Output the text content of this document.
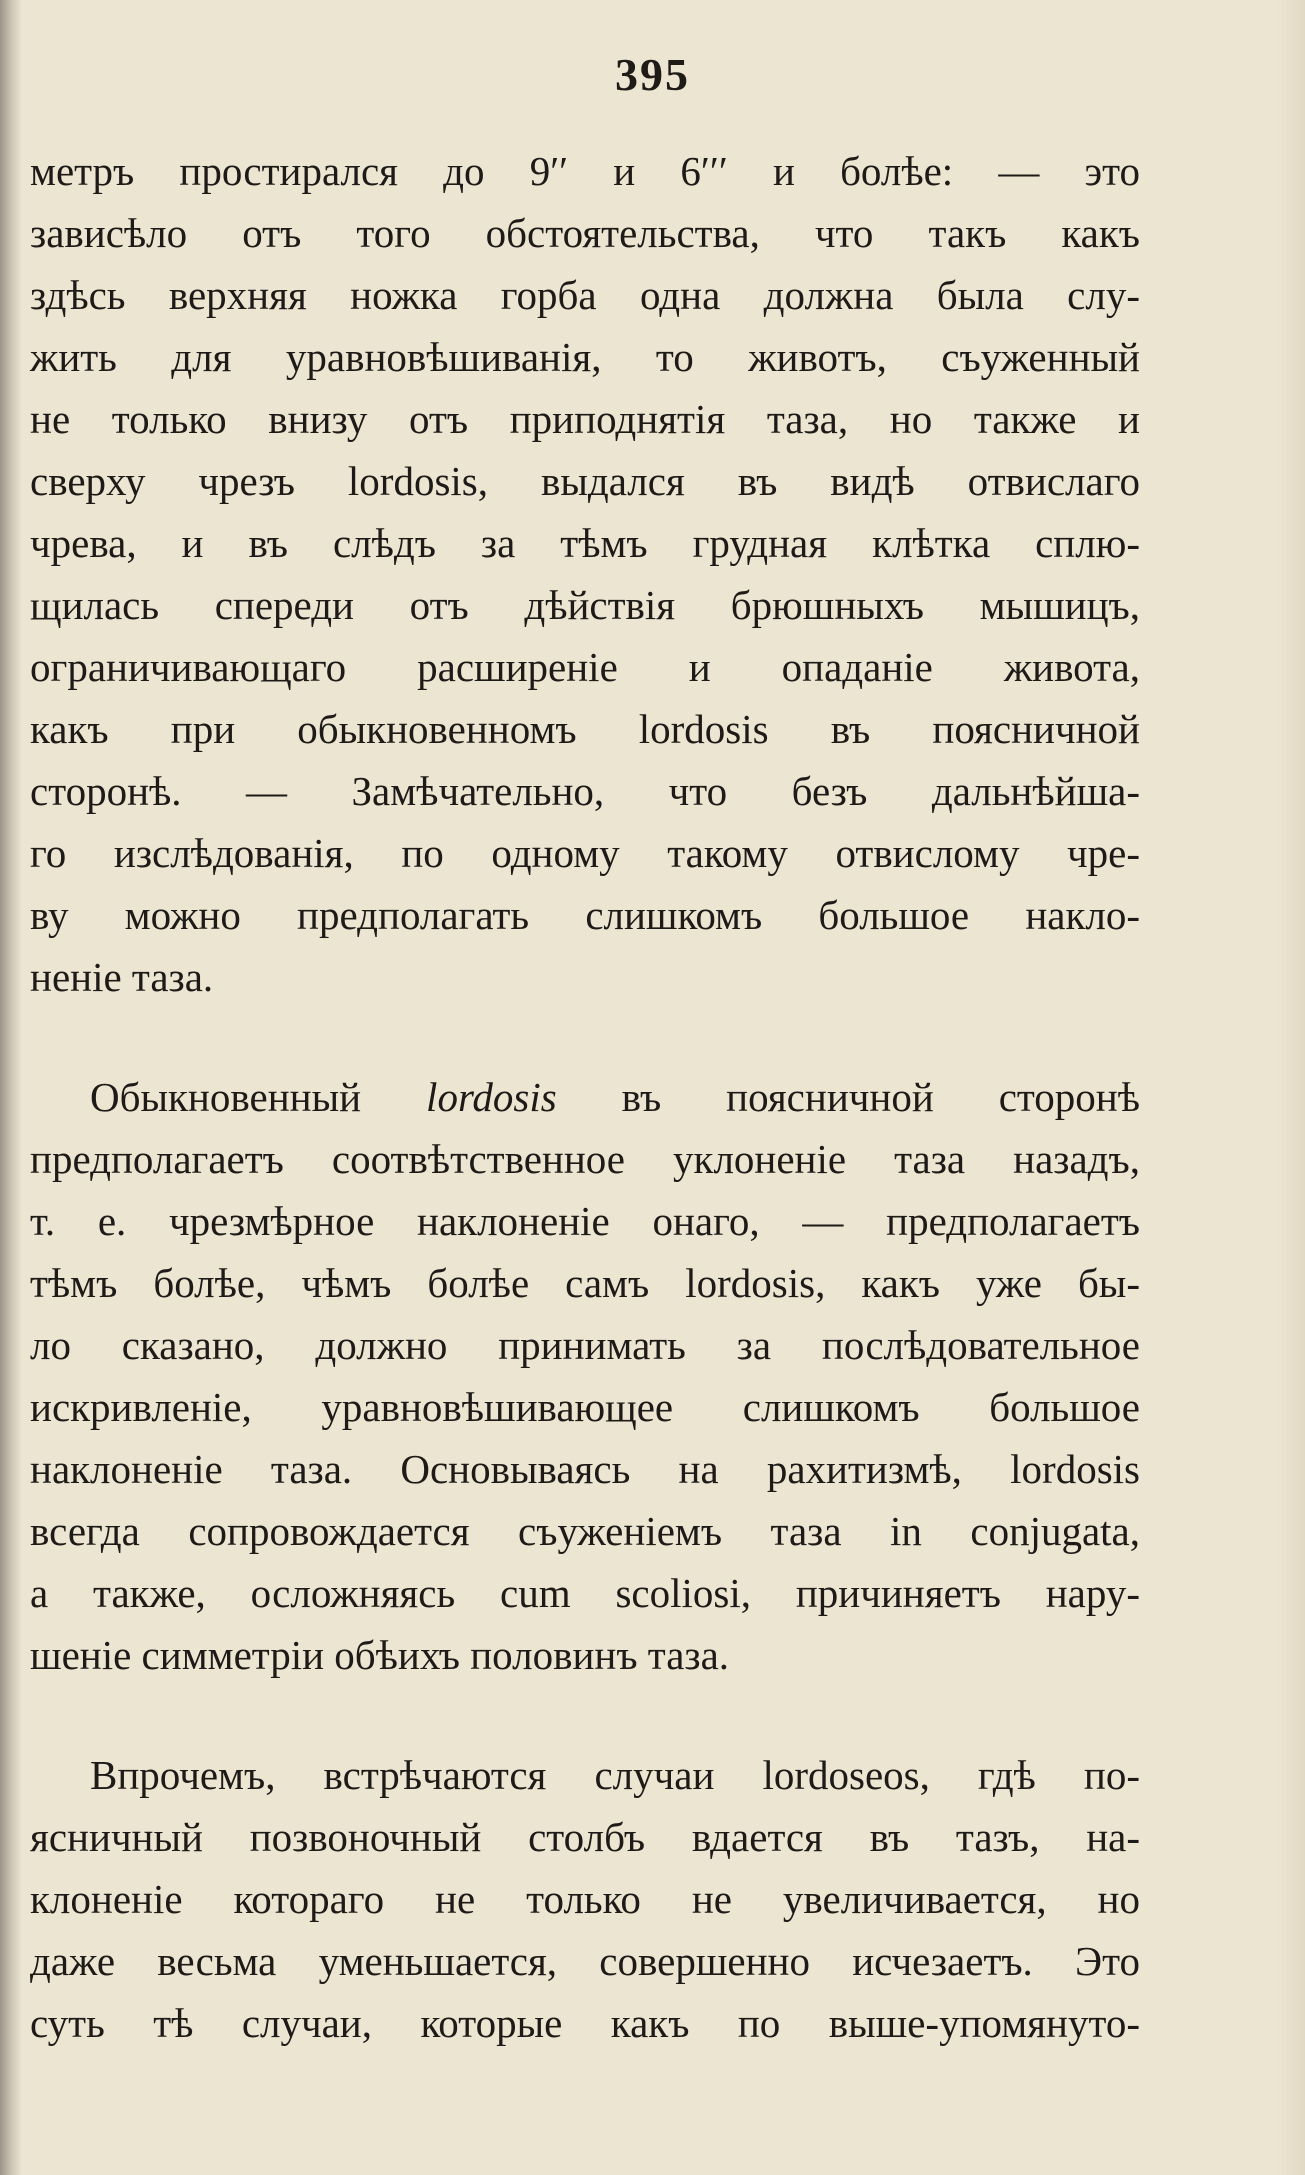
395
метръ простирался до 9′′ и 6′′′ и болѣе: — это
зависѣло отъ того обстоятельства, что такъ какъ
здѣсь верхняя ножка горба одна должна была слу-
жить для уравновѣшиванія, то животъ, съуженный
не только внизу отъ приподнятія таза, но также и
сверху чрезъ lordosis, выдался въ видѣ отвислаго
чрева, и въ слѣдъ за тѣмъ грудная клѣтка сплю-
щилась спереди отъ дѣйствія брюшныхъ мышицъ,
ограничивающаго расширеніе и опаданіе живота,
какъ при обыкновенномъ lordosis въ поясничной
сторонѣ. — Замѣчательно, что безъ дальнѣйша-
го изслѣдованія, по одному такому отвислому чре-
ву можно предполагать слишкомъ большое накло-
неніе таза.
Обыкновенный lordosis въ поясничной сторонѣ
предполагаетъ соотвѣтственное уклоненіе таза назадъ,
т. е. чрезмѣрное наклоненіе онаго, — предполагаетъ
тѣмъ болѣе, чѣмъ болѣе самъ lordosis, какъ уже бы-
ло сказано, должно принимать за послѣдовательное
искривленіе, уравновѣшивающее слишкомъ большое
наклоненіе таза. Основываясь на рахитизмѣ, lordosis
всегда сопровождается съуженіемъ таза in conjugata,
а также, осложняясь cum scoliosi, причиняетъ нару-
шеніе симметріи обѣихъ половинъ таза.
Впрочемъ, встрѣчаются случаи lordoseos, гдѣ по-
ясничный позвоночный столбъ вдается въ тазъ, на-
клоненіе котораго не только не увеличивается, но
даже весьма уменьшается, совершенно исчезаетъ. Это
суть тѣ случаи, которые какъ по выше-упомянуто-
